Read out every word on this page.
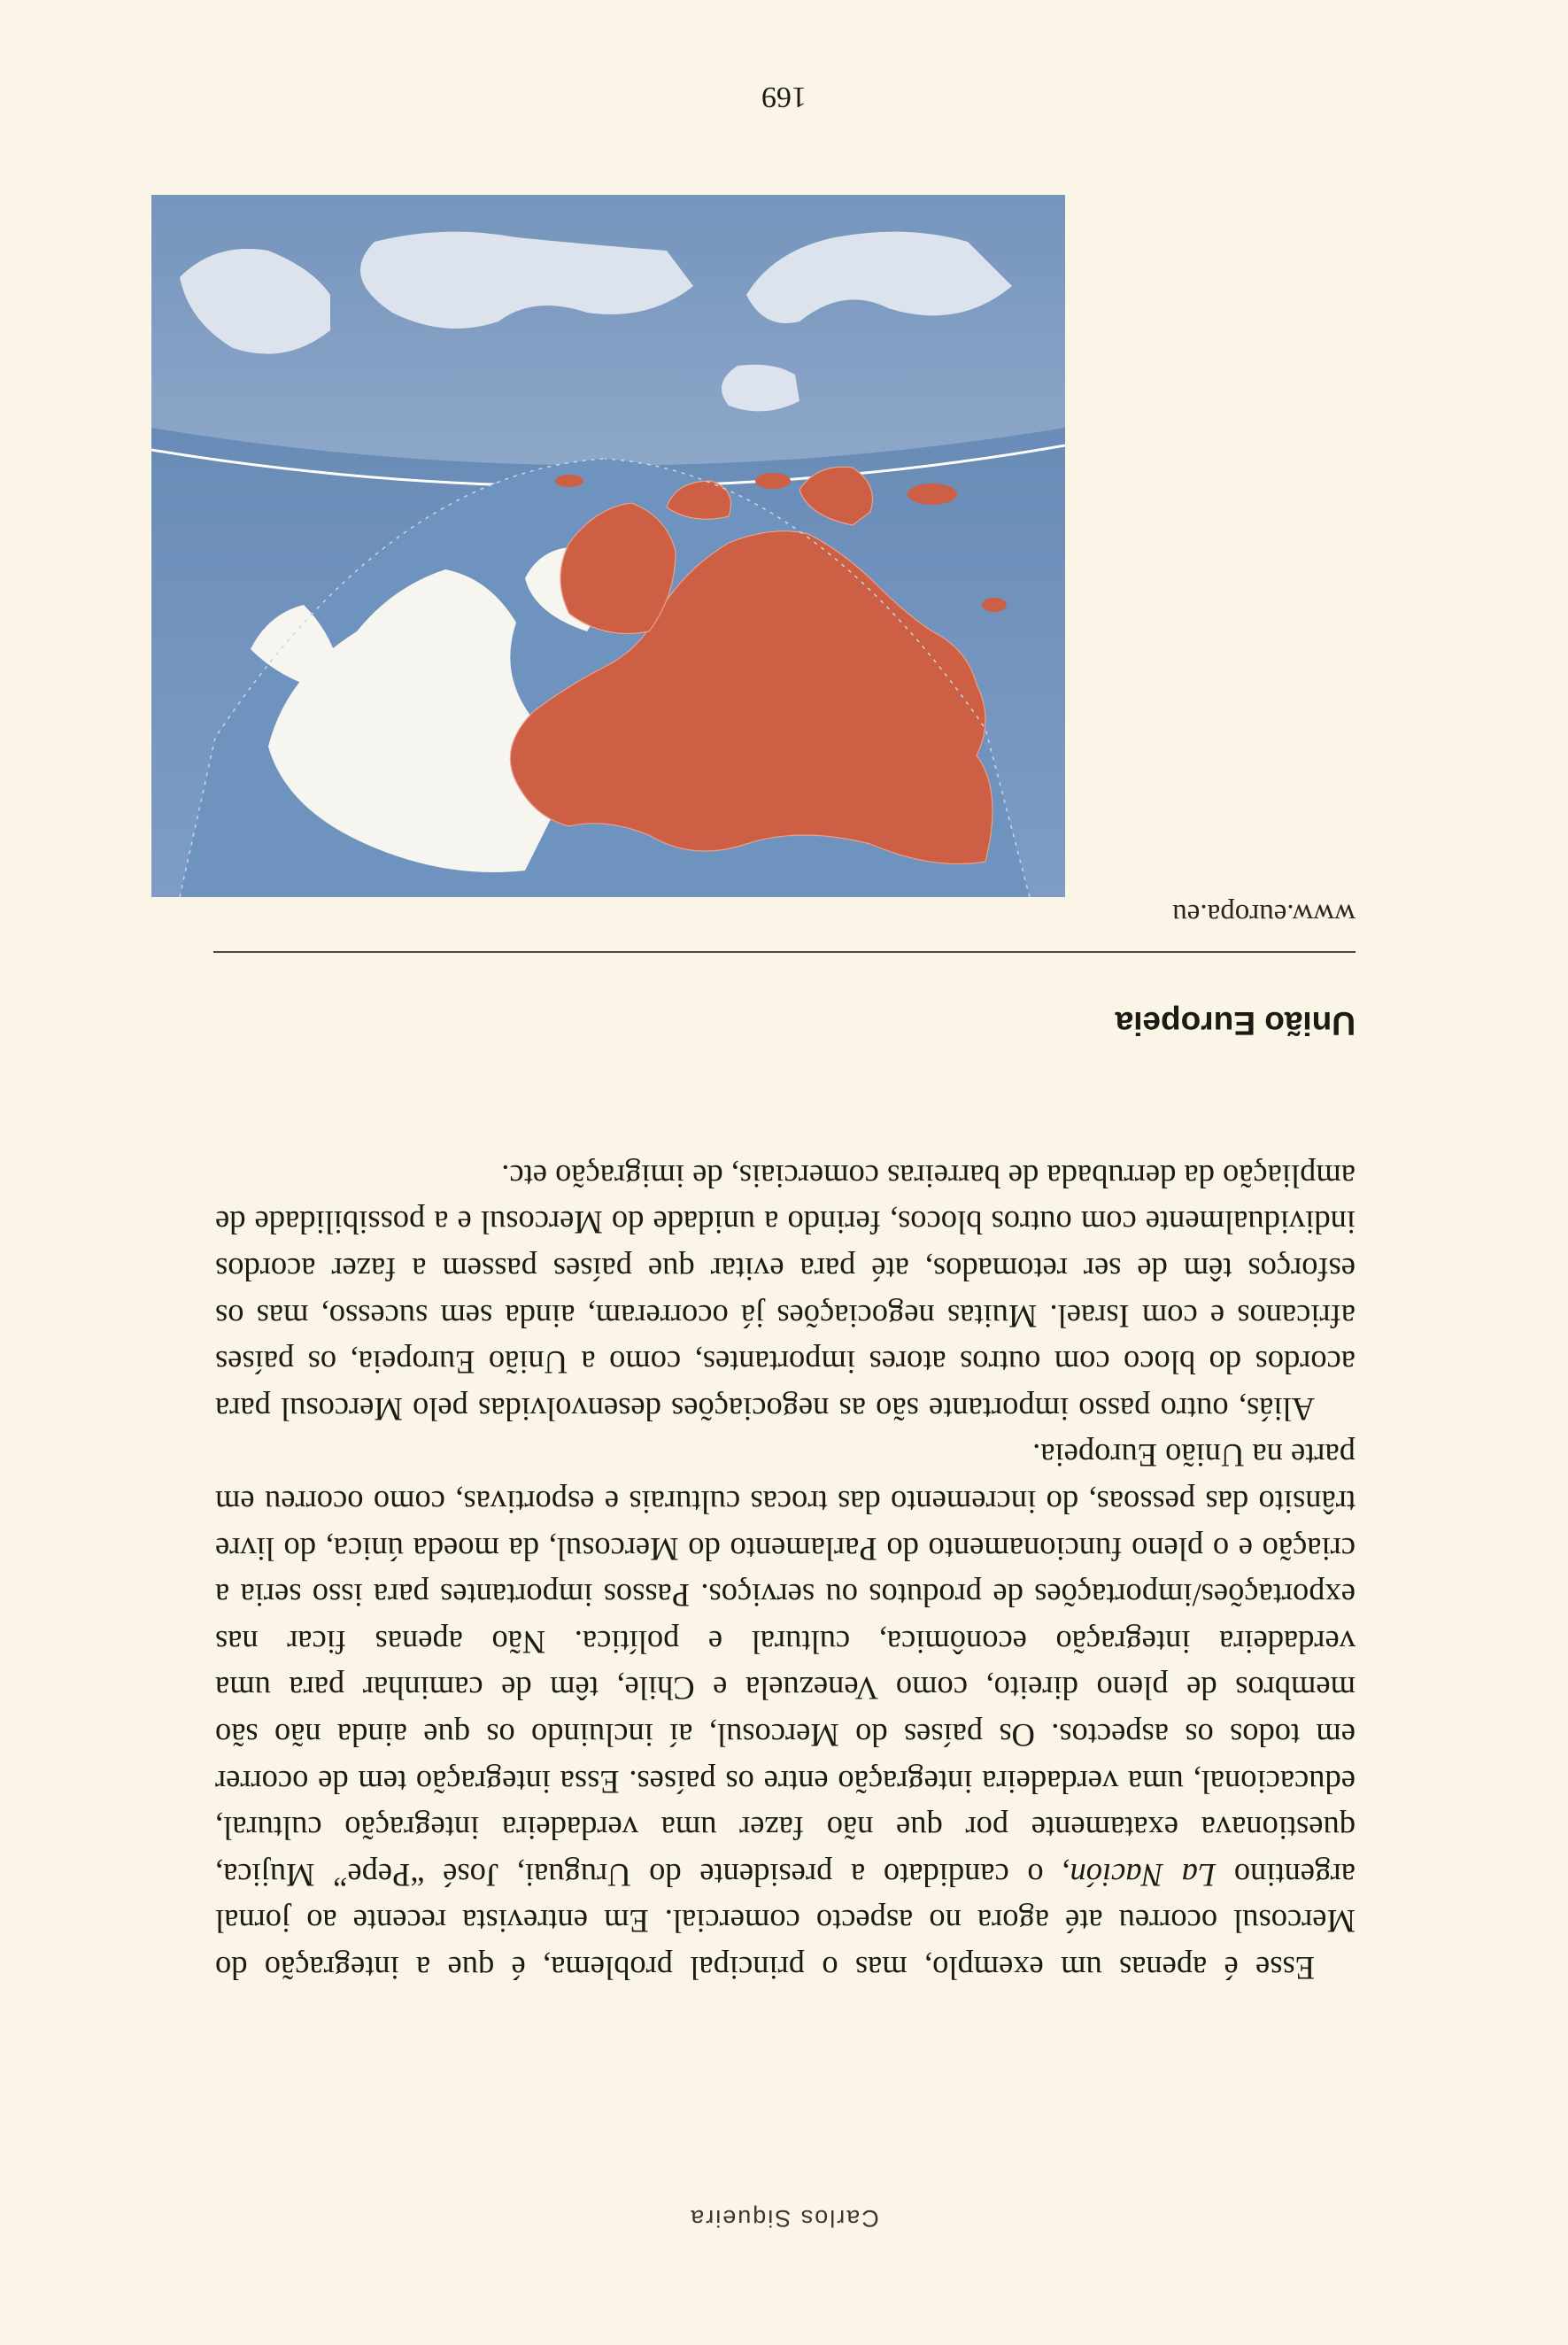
Carlos Siqueira

Esse é apenas um exemplo, mas o principal problema, é que a integração do Mercosul ocorreu até agora no aspecto comercial. Em entrevista recente ao jornal argentino La Nación, o candidato a presidente do Uruguai, José “Pepe” Mujica, questionava exatamente por que não fazer uma verdadeira integração cultural, educacional, uma verdadeira integração entre os países. Essa integração tem de ocorrer em todos os aspectos. Os países do Mercosul, aí incluindo os que ainda não são membros de pleno direito, como Venezuela e Chile, têm de caminhar para uma verdadeira integração econômica, cultural e política. Não apenas ficar nas exportações/importações de produtos ou serviços. Passos importantes para isso seria a criação e o pleno funcionamento do Parlamento do Mercosul, da moeda única, do livre trânsito das pessoas, do incremento das trocas culturais e esportivas, como ocorreu em parte na União Europeia.

Aliás, outro passo importante são as negociações desenvolvidas pelo Mercosul para acordos do bloco com outros atores importantes, como a União Europeia, os países africanos e com Israel. Muitas negociações já ocorreram, ainda sem sucesso, mas os esforços têm de ser retomados, até para evitar que países passem a fazer acordos individualmente com outros blocos, ferindo a unidade do Mercosul e a possibilidade de ampliação da derrubada de barreiras comerciais, de imigração etc.

União Europeia
www.europa.eu
169
